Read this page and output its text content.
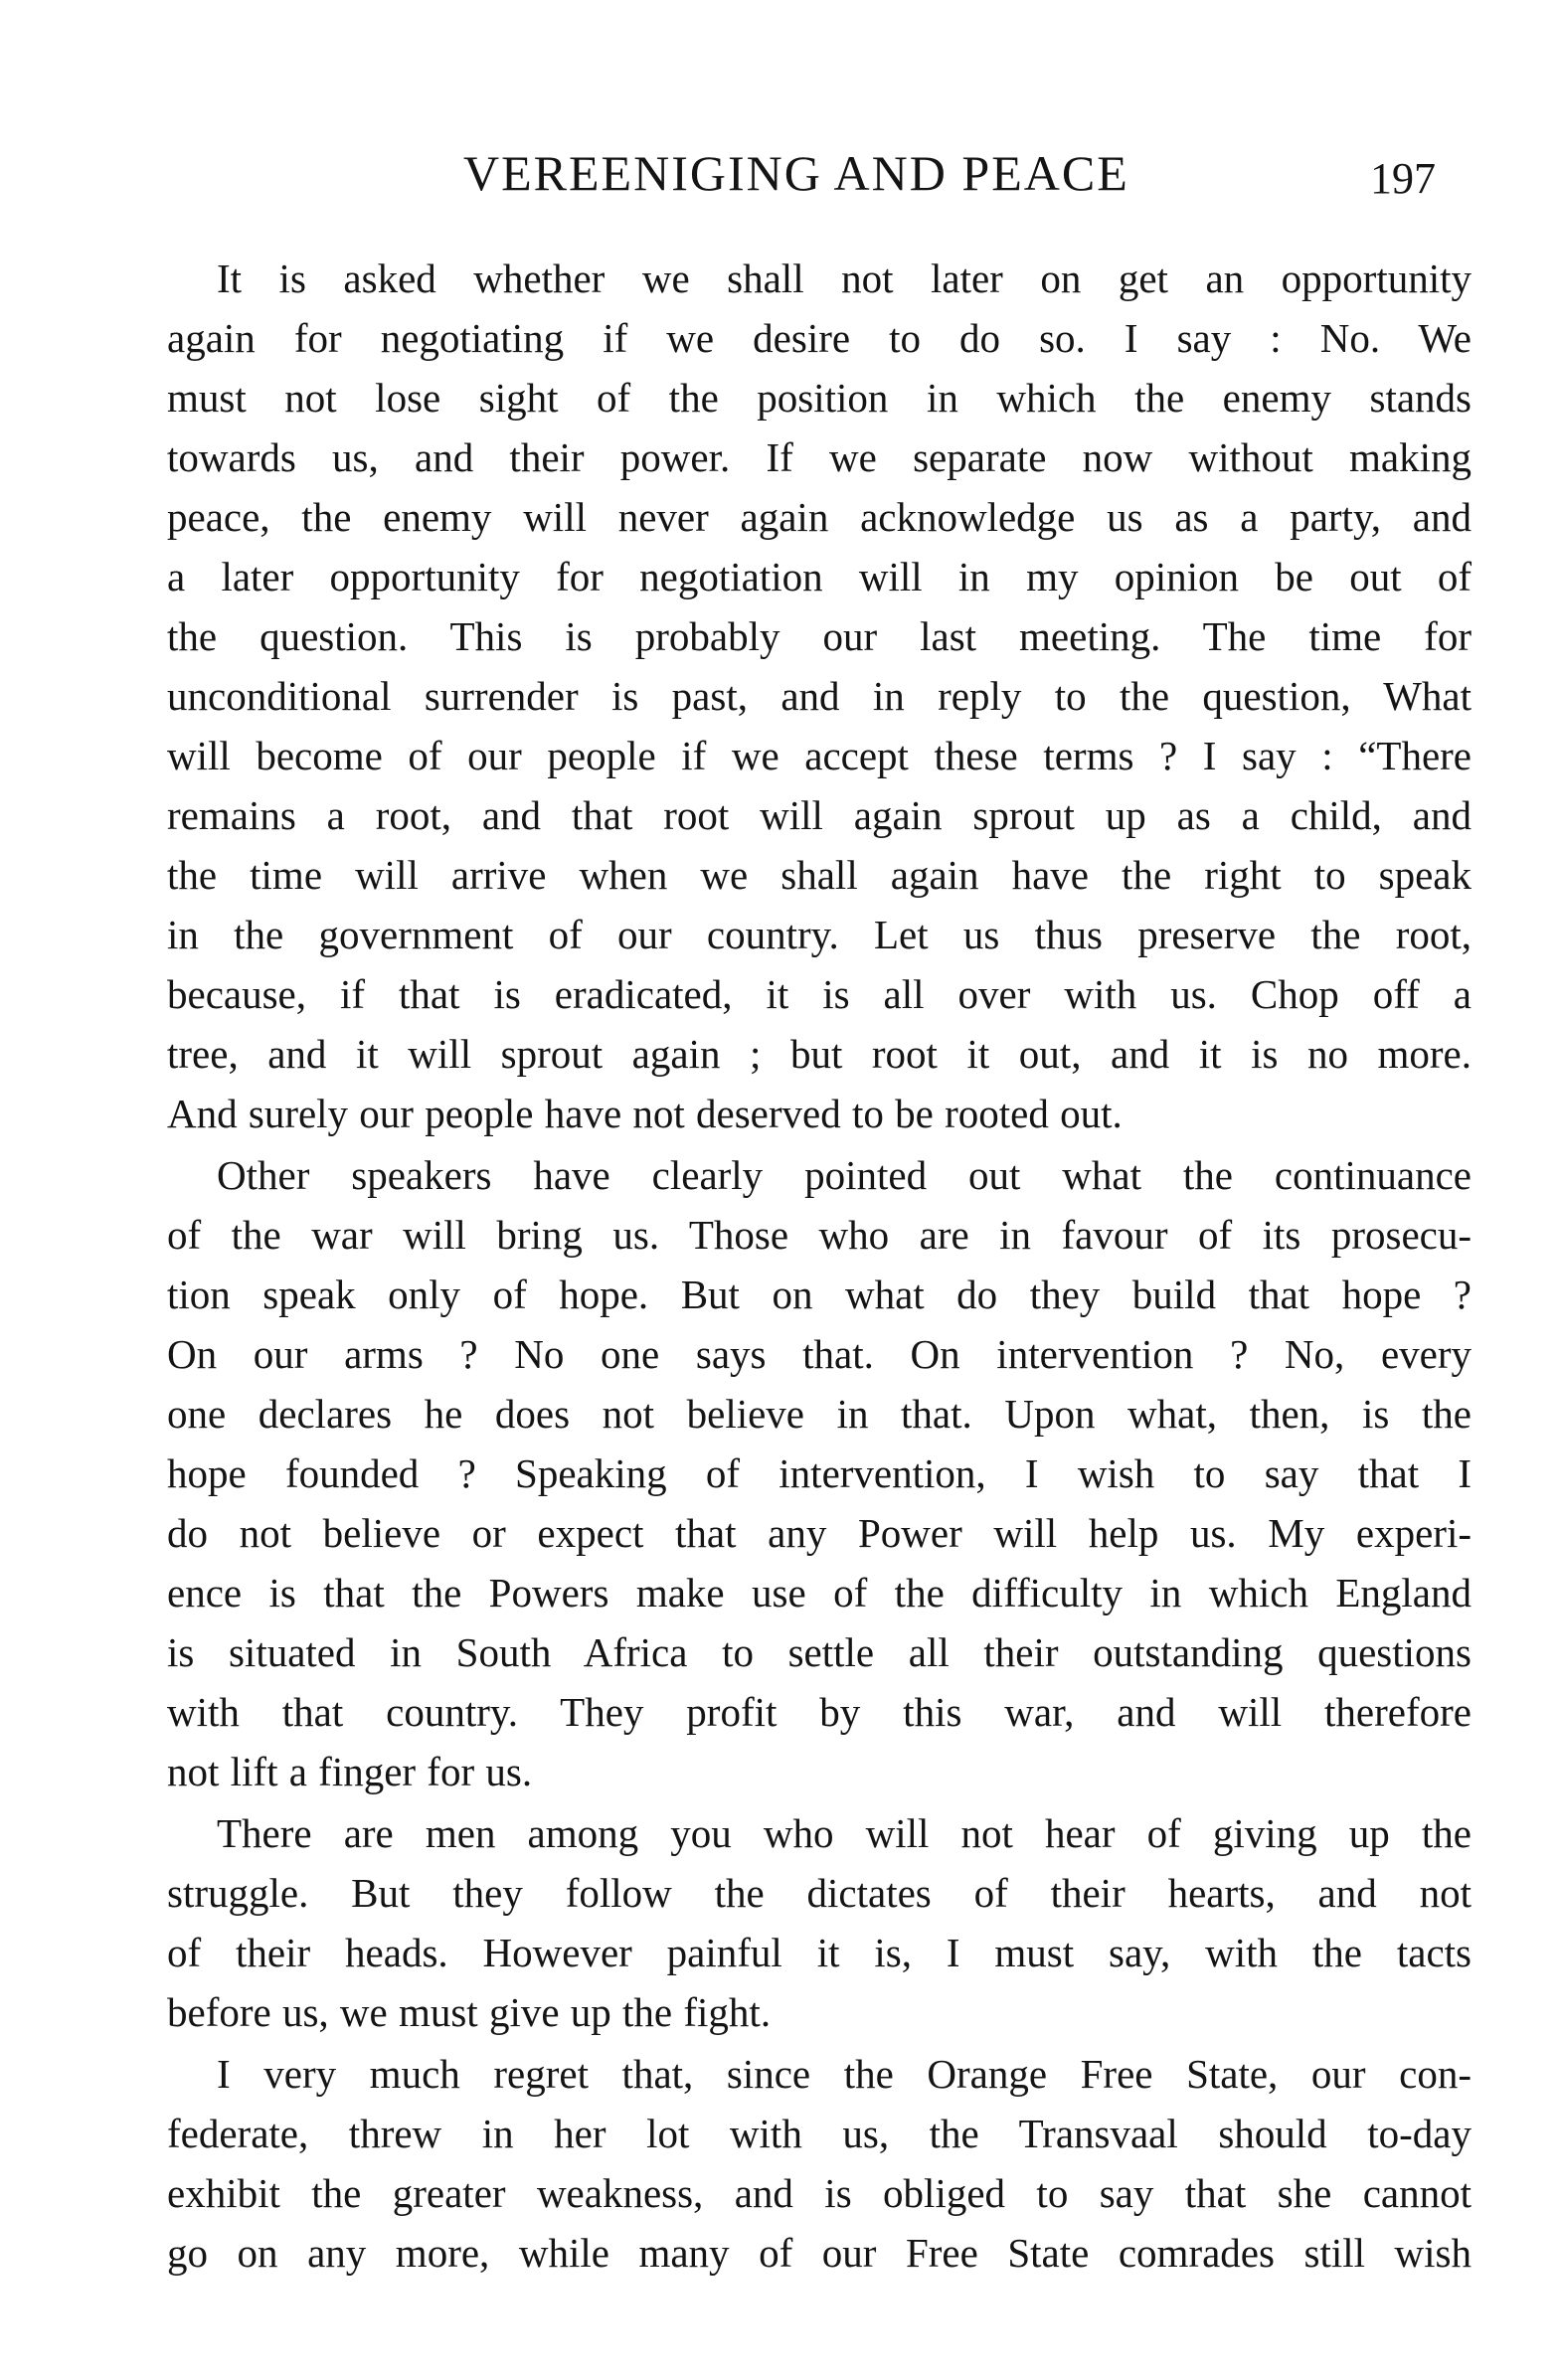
VEREENIGING AND PEACE	197
It is asked whether we shall not later on get an opportunity
again for negotiating if we desire to do so. I say : No. We
must not lose sight of the position in which the enemy stands
towards us, and their power. If we separate now without making
peace, the enemy will never again acknowledge us as a party, and
a later opportunity for negotiation will in my opinion be out of
the question. This is probably our last meeting. The time for
unconditional surrender is past, and in reply to the question, What
will become of our people if we accept these terms ? I say : “There
remains a root, and that root will again sprout up as a child, and
the time will arrive when we shall again have the right to speak
in the government of our country. Let us thus preserve the root,
because, if that is eradicated, it is all over with us. Chop off a
tree, and it will sprout again ; but root it out, and it is no more.
And surely our people have not deserved to be rooted out.
Other speakers have clearly pointed out what the continuance
of the war will bring us. Those who are in favour of its prosecu-
tion speak only of hope. But on what do they build that hope ?
On our arms ? No one says that. On intervention ? No, every
one declares he does not believe in that. Upon what, then, is the
hope founded ? Speaking of intervention, I wish to say that I
do not believe or expect that any Power will help us. My experi-
ence is that the Powers make use of the difficulty in which England
is situated in South Africa to settle all their outstanding questions
with that country. They profit by this war, and will therefore
not lift a finger for us.
There are men among you who will not hear of giving up the
struggle. But they follow the dictates of their hearts, and not
of their heads. However painful it is, I must say, with the tacts
before us, we must give up the fight.
I very much regret that, since the Orange Free State, our con-
federate, threw in her lot with us, the Transvaal should to-day
exhibit the greater weakness, and is obliged to say that she cannot
go on any more, while many of our Free State comrades still wish
